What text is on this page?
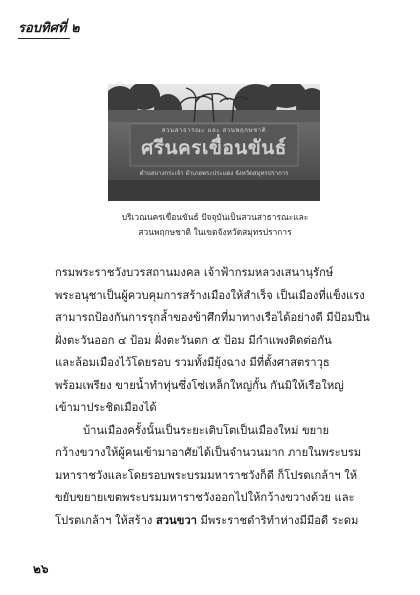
รอบทิศที่ ๒
สวนสาธารณะ และ สวนพฤกษชาติ
ศรีนครเขื่อนขันธ์
ตำบลบางกระเจ้า อำเภอพระประแดง จังหวัดสมุทรปราการ
บริเวณนครเขื่อนขันธ์ ปัจจุบันเป็นสวนสาธารณะและ
สวนพฤกษชาติ ในเขตจังหวัดสมุทรปราการ
กรมพระราชวังบวรสถานมงคล เจ้าฟ้ากรมหลวงเสนานุรักษ์
พระอนุชาเป็นผู้ควบคุมการสร้างเมืองให้สำเร็จ เป็นเมืองที่แข็งแรง
สามารถป้องกันการรุกล้ำของข้าศึกที่มาทางเรือได้อย่างดี มีป้อมปืน
ฝั่งตะวันออก ๔ ป้อม ฝั่งตะวันตก ๕ ป้อม มีกำแพงติดต่อกัน
และล้อมเมืองไว้โดยรอบ รวมทั้งมียุ้งฉาง มีที่ตั้งศาสตราวุธ
พร้อมเพรียง ขายน้ำทำทุ่นซึ่งโซ่เหล็กใหญ่กั้น กันมิให้เรือใหญ่
เข้ามาประชิดเมืองได้
บ้านเมืองครั้งนั้นเป็นระยะเติบโตเป็นเมืองใหม่ ขยาย
กว้างขวางให้ผู้คนเข้ามาอาศัยได้เป็นจำนวนมาก ภายในพระบรม
มหาราชวังและโดยรอบพระบรมมหาราชวังก็ดี ก็โปรดเกล้าฯ ให้
ขยับขยายเขตพระบรมมหาราชวังออกไปให้กว้างขวางด้วย และ
โปรดเกล้าฯ ให้สร้าง สวนขวา มีพระราชดำริทำห่างมีมีอดี ระดม
๒๖
